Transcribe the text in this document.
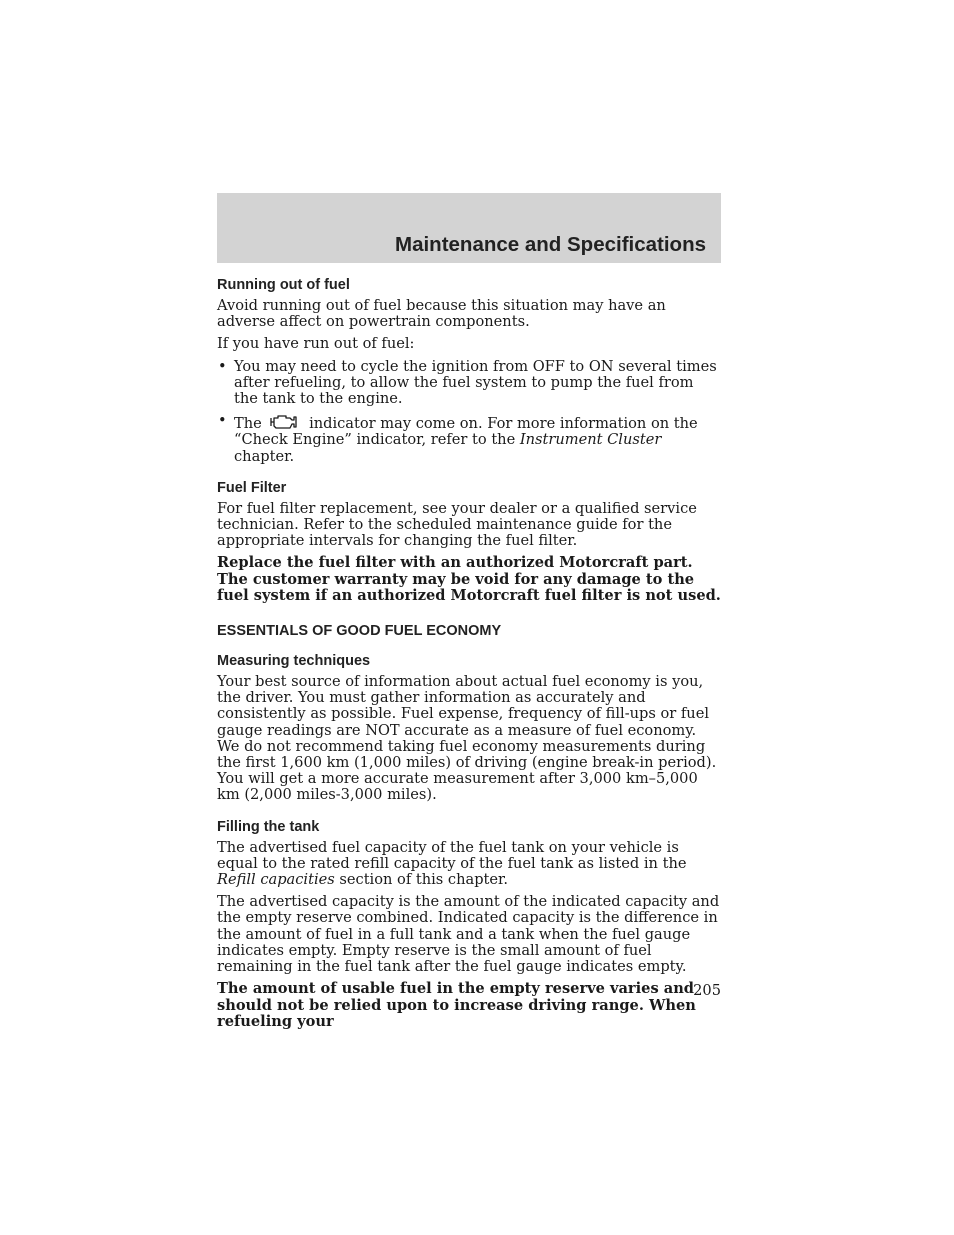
Maintenance and Specifications
Running out of fuel

Avoid running out of fuel because this situation may have an adverse affect on powertrain components.

If you have run out of fuel:

• You may need to cycle the ignition from OFF to ON several times after refueling, to allow the fuel system to pump the fuel from the tank to the engine.
• The	indicator may come on. For more information on the “Check Engine” indicator, refer to the Instrument Cluster chapter.
Fuel Filter

For fuel filter replacement, see your dealer or a qualified service technician. Refer to the scheduled maintenance guide for the appropriate intervals for changing the fuel filter.

Replace the fuel filter with an authorized Motorcraft part. The customer warranty may be void for any damage to the fuel system if an authorized Motorcraft fuel filter is not used.

ESSENTIALS OF GOOD FUEL ECONOMY
Measuring techniques

Your best source of information about actual fuel economy is you, the driver. You must gather information as accurately and consistently as possible. Fuel expense, frequency of fill-ups or fuel gauge readings are NOT accurate as a measure of fuel economy. We do not recommend taking fuel economy measurements during the first 1,600 km (1,000 miles) of driving (engine break-in period). You will get a more accurate measurement after 3,000 km–5,000 km (2,000 miles-3,000 miles).

Filling the tank

The advertised fuel capacity of the fuel tank on your vehicle is equal to the rated refill capacity of the fuel tank as listed in the Refill capacities section of this chapter.

The advertised capacity is the amount of the indicated capacity and the empty reserve combined. Indicated capacity is the difference in the amount of fuel in a full tank and a tank when the fuel gauge indicates empty. Empty reserve is the small amount of fuel remaining in the fuel tank after the fuel gauge indicates empty.

The amount of usable fuel in the empty reserve varies and should not be relied upon to increase driving range. When refueling your

205
